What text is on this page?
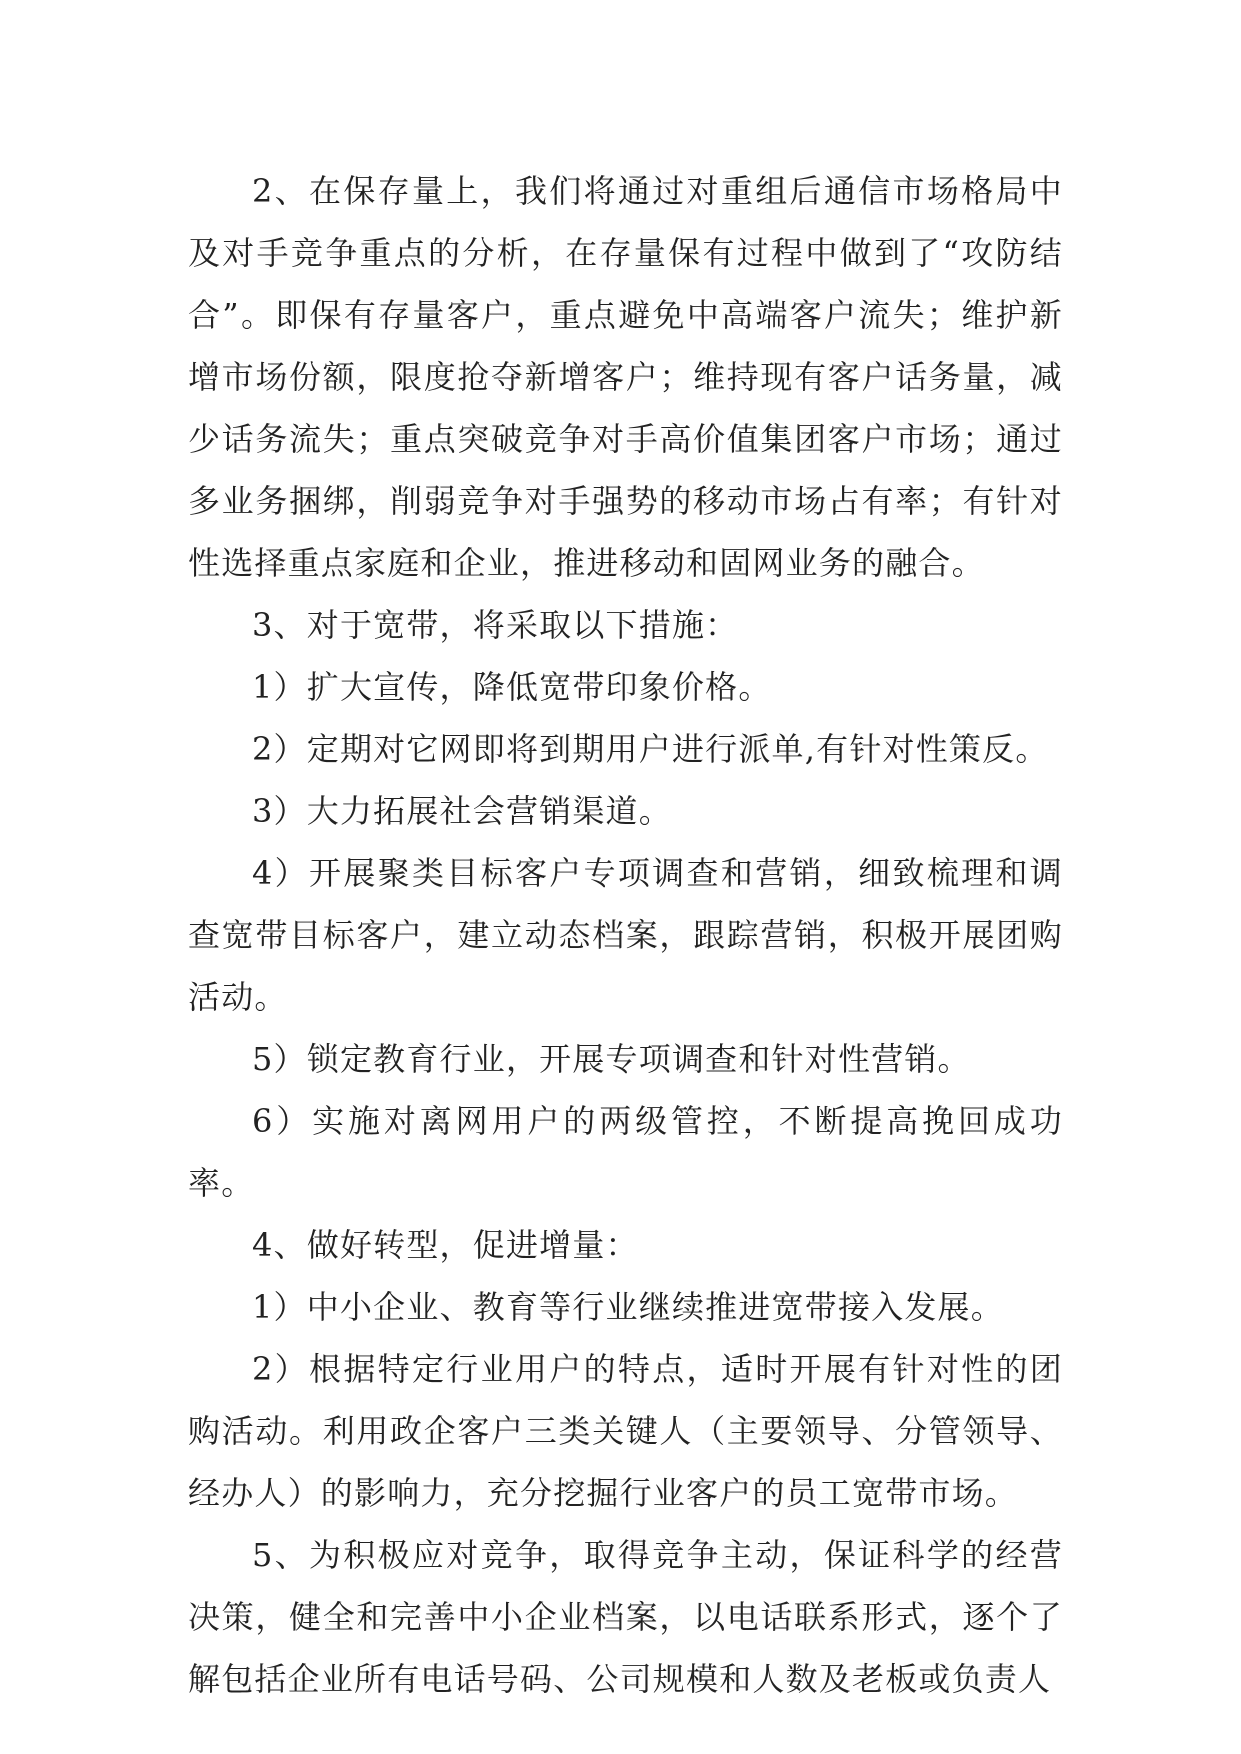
2、在保存量上，我们将通过对重组后通信市场格局中及对手竞争重点的分析，在存量保有过程中做到了“攻防结合”。即保有存量客户，重点避免中高端客户流失；维护新增市场份额，限度抢夺新增客户；维持现有客户话务量，减少话务流失；重点突破竞争对手高价值集团客户市场；通过多业务捆绑，削弱竞争对手强势的移动市场占有率；有针对性选择重点家庭和企业，推进移动和固网业务的融合。

3、对于宽带，将采取以下措施：

1）扩大宣传，降低宽带印象价格。

2）定期对它网即将到期用户进行派单,有针对性策反。

3）大力拓展社会营销渠道。

4）开展聚类目标客户专项调查和营销，细致梳理和调查宽带目标客户，建立动态档案，跟踪营销，积极开展团购活动。

5）锁定教育行业，开展专项调查和针对性营销。

6）实施对离网用户的两级管控，不断提高挽回成功率。

4、做好转型，促进增量：

1）中小企业、教育等行业继续推进宽带接入发展。

2）根据特定行业用户的特点，适时开展有针对性的团购活动。利用政企客户三类关键人（主要领导、分管领导、经办人）的影响力，充分挖掘行业客户的员工宽带市场。

5、为积极应对竞争，取得竞争主动，保证科学的经营决策，健全和完善中小企业档案，以电话联系形式，逐个了解包括企业所有电话号码、公司规模和人数及老板或负责人
